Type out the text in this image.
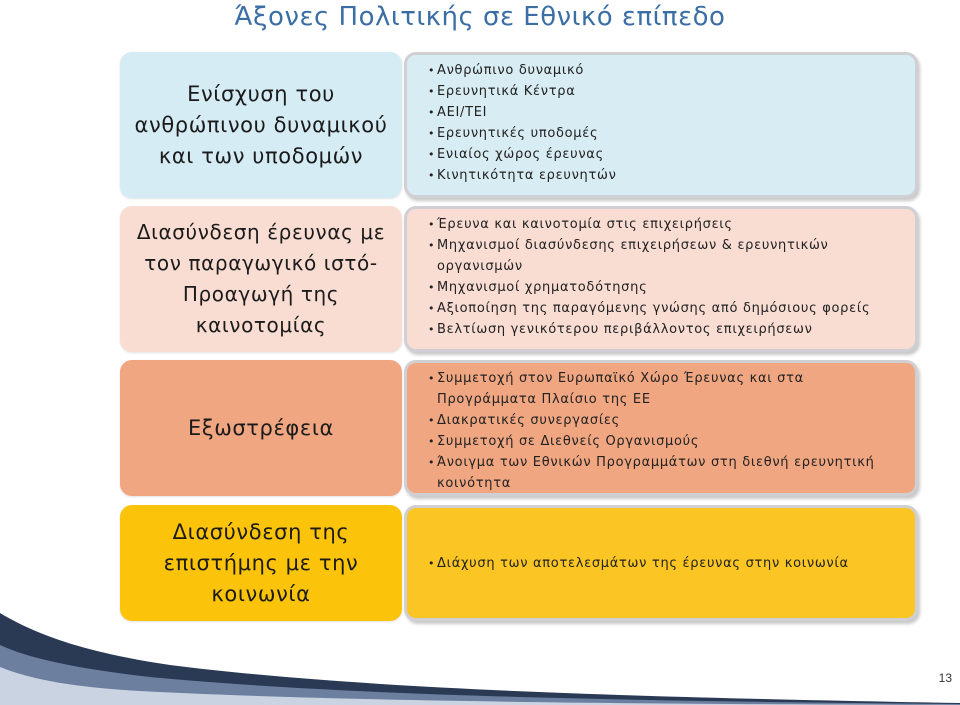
Άξονες Πολιτικής σε Εθνικό επίπεδο
Ενίσχυση του ανθρώπινου δυναμικού και των υποδομών
• Ανθρώπινο δυναμικό
• Ερευνητικά Κέντρα
• ΑΕΙ/ΤΕΙ
• Ερευνητικές υποδομές
• Ενιαίος χώρος έρευνας
• Κινητικότητα ερευνητών
Διασύνδεση έρευνας με τον παραγωγικό ιστό- Προαγωγή της καινοτομίας
• Έρευνα και καινοτομία στις επιχειρήσεις
• Μηχανισμοί διασύνδεσης επιχειρήσεων & ερευνητικών οργανισμών
• Μηχανισμοί χρηματοδότησης
• Αξιοποίηση της παραγόμενης γνώσης από δημόσιους φορείς
• Βελτίωση γενικότερου περιβάλλοντος επιχειρήσεων
Εξωστρέφεια
• Συμμετοχή στον Ευρωπαϊκό Χώρο Έρευνας και στα Προγράμματα Πλαίσιο της ΕΕ
• Διακρατικές συνεργασίες
• Συμμετοχή σε Διεθνείς Οργανισμούς
• Άνοιγμα των Εθνικών Προγραμμάτων στη διεθνή ερευνητική κοινότητα
Διασύνδεση της επιστήμης με την κοινωνία
• Διάχυση των αποτελεσμάτων της έρευνας στην κοινωνία
13
